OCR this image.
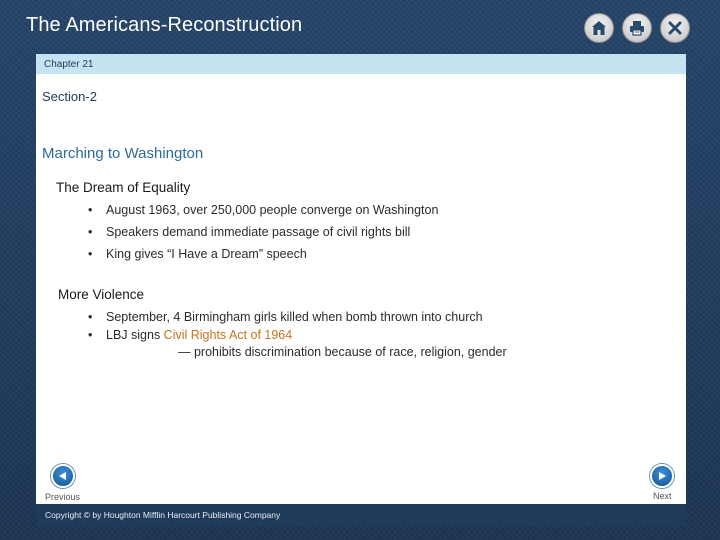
The Americans-Reconstruction
Chapter 21
Section-2
Marching to Washington
The Dream of Equality
• August 1963, over 250,000 people converge on Washington
• Speakers demand immediate passage of civil rights bill
• King gives “I Have a Dream” speech
More Violence
• September, 4 Birmingham girls killed when bomb thrown into church
• LBJ signs Civil Rights Act of 1964
— prohibits discrimination because of race, religion, gender
Previous	Next
Copyright © by Houghton Mifflin Harcourt Publishing Company
